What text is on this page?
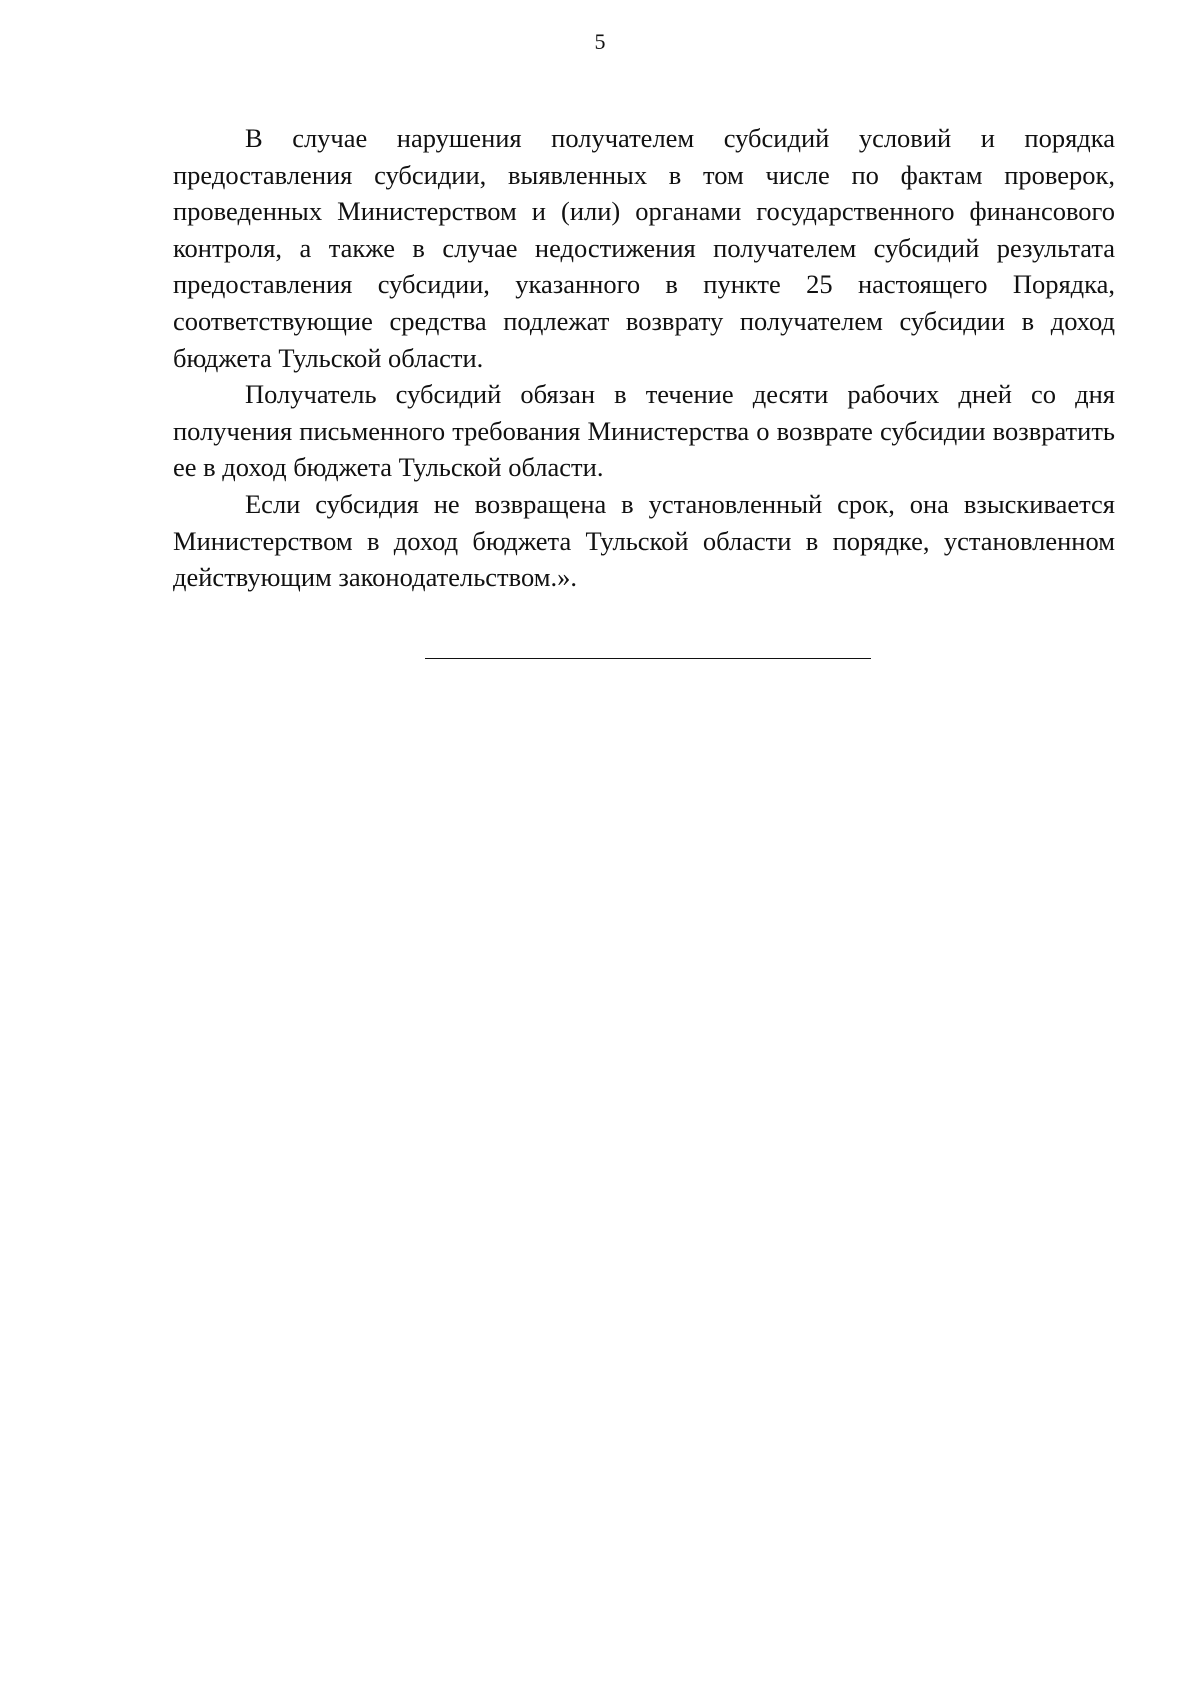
5

В случае нарушения получателем субсидий условий и порядка предоставления субсидии, выявленных в том числе по фактам проверок, проведенных Министерством и (или) органами государственного финансового контроля, а также в случае недостижения получателем субсидий результата предоставления субсидии, указанного в пункте 25 настоящего Порядка, соответствующие средства подлежат возврату получателем субсидии в доход бюджета Тульской области.

Получатель субсидий обязан в течение десяти рабочих дней со дня получения письменного требования Министерства о возврате субсидии возвратить ее в доход бюджета Тульской области.

Если субсидия не возвращена в установленный срок, она взыскивается Министерством в доход бюджета Тульской области в порядке, установленном действующим законодательством.».
